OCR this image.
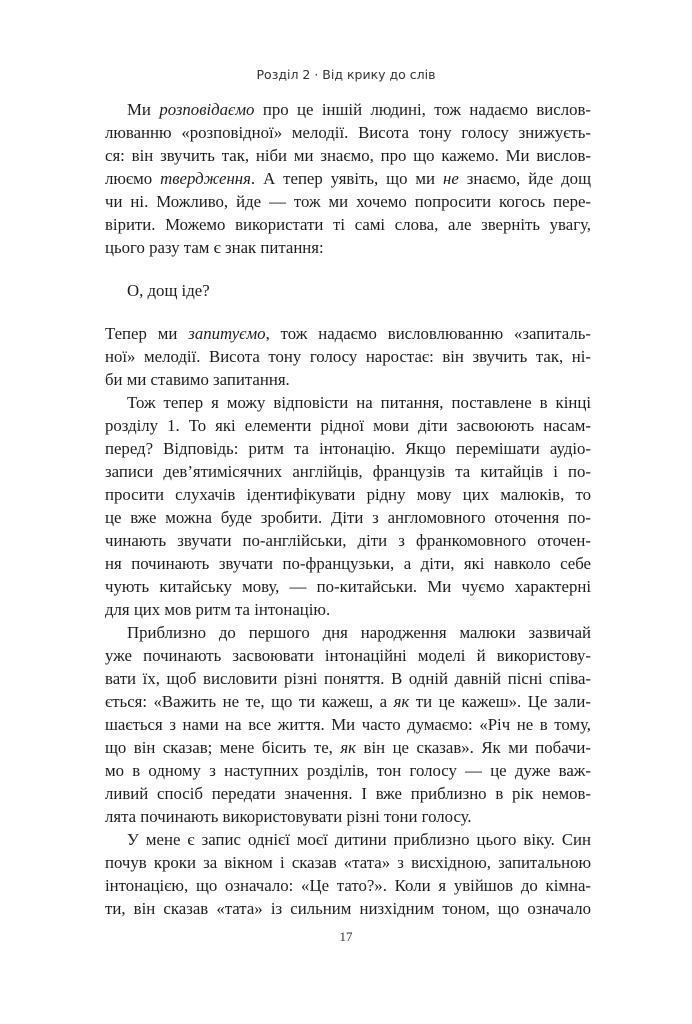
Розділ 2 · Від крику до слів
Ми розповідаємо про це іншій людині, тож надаємо вислов-
люванню «розповідної» мелодії. Висота тону голосу знижуєть-
ся: він звучить так, ніби ми знаємо, про що кажемо. Ми вислов-
люємо твердження. А тепер уявіть, що ми не знаємо, йде дощ
чи ні. Можливо, йде — тож ми хочемо попросити когось пере-
вірити. Можемо використати ті самі слова, але зверніть увагу,
цього разу там є знак питання:
О, дощ іде?
Тепер ми запитуємо, тож надаємо висловлюванню «запиталь-
ної» мелодії. Висота тону голосу наростає: він звучить так, ні-
би ми ставимо запитання.
Тож тепер я можу відповісти на питання, поставлене в кінці
розділу 1. То які елементи рідної мови діти засвоюють насам-
перед? Відповідь: ритм та інтонацію. Якщо перемішати аудіо-
записи дев’ятимісячних англійців, французів та китайців і по-
просити слухачів ідентифікувати рідну мову цих малюків, то
це вже можна буде зробити. Діти з англомовного оточення по-
чинають звучати по-англійськи, діти з франкомовного оточен-
ня починають звучати по-французьки, а діти, які навколо себе
чують китайську мову, — по-китайськи. Ми чуємо характерні
для цих мов ритм та інтонацію.
Приблизно до першого дня народження малюки зазвичай
уже починають засвоювати інтонаційні моделі й використову-
вати їх, щоб висловити різні поняття. В одній давній пісні співа-
ється: «Важить не те, що ти кажеш, а як ти це кажеш». Це зали-
шається з нами на все життя. Ми часто думаємо: «Річ не в тому,
що він сказав; мене бісить те, як він це сказав». Як ми побачи-
мо в одному з наступних розділів, тон голосу — це дуже важ-
ливий спосіб передати значення. І вже приблизно в рік немов-
лята починають використовувати різні тони голосу.
У мене є запис однієї моєї дитини приблизно цього віку. Син
почув кроки за вікном і сказав «тата» з висхідною, запитальною
інтонацією, що означало: «Це тато?». Коли я увійшов до кімна-
ти, він сказав «тата» із сильним низхідним тоном, що означало
17
